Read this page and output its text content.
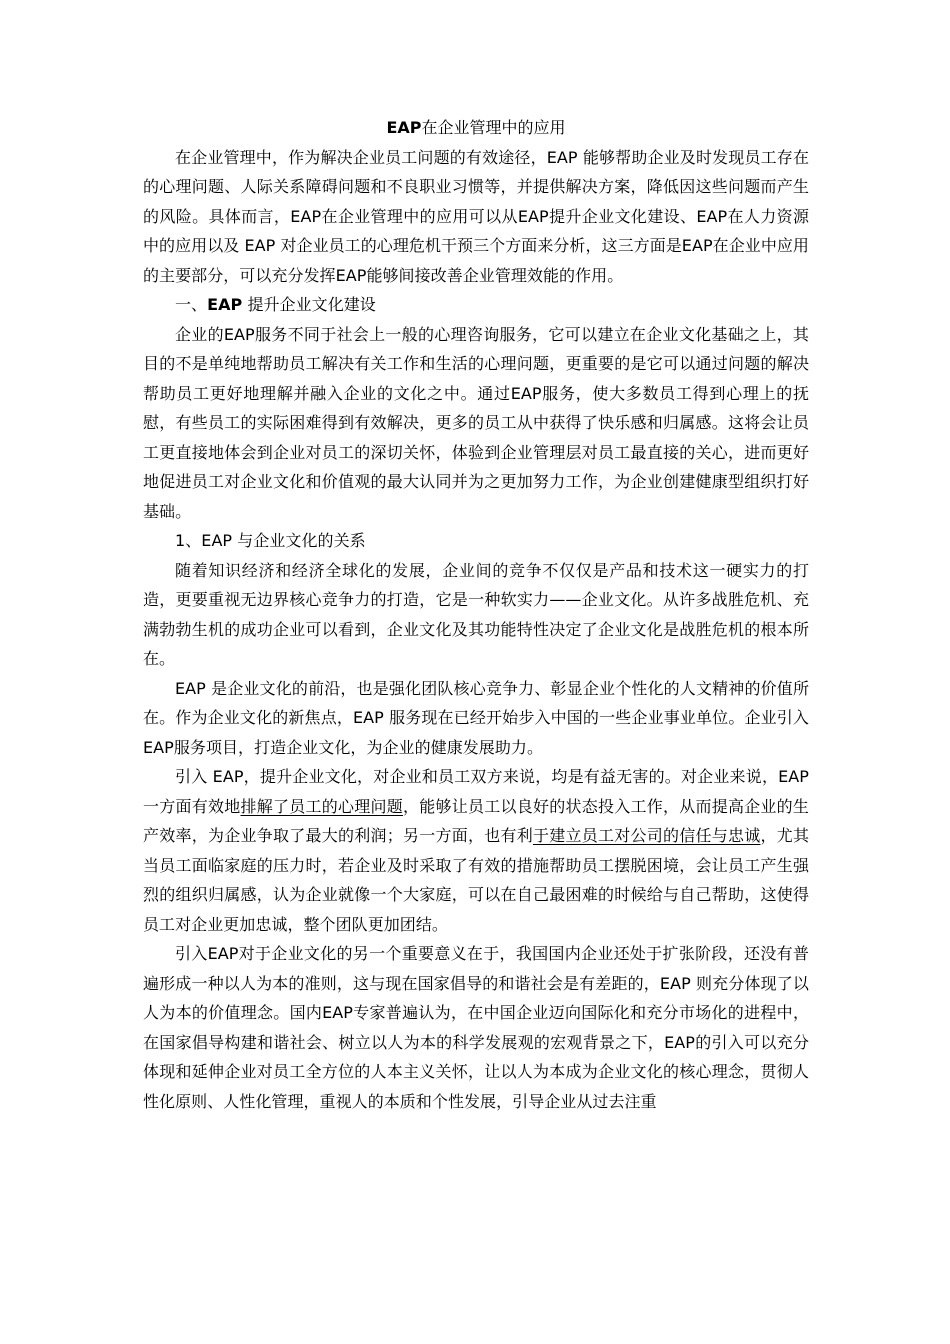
EAP在企业管理中的应用

在企业管理中，作为解决企业员工问题的有效途径，EAP 能够帮助企业及时发现员工存在的心理问题、人际关系障碍问题和不良职业习惯等，并提供解决方案，降低因这些问题而产生的风险。具体而言，EAP在企业管理中的应用可以从EAP提升企业文化建设、EAP在人力资源中的应用以及 EAP 对企业员工的心理危机干预三个方面来分析，这三方面是EAP在企业中应用的主要部分，可以充分发挥EAP能够间接改善企业管理效能的作用。

一、EAP 提升企业文化建设

企业的EAP服务不同于社会上一般的心理咨询服务，它可以建立在企业文化基础之上，其目的不是单纯地帮助员工解决有关工作和生活的心理问题，更重要的是它可以通过问题的解决帮助员工更好地理解并融入企业的文化之中。通过EAP服务，使大多数员工得到心理上的抚慰，有些员工的实际困难得到有效解决，更多的员工从中获得了快乐感和归属感。这将会让员工更直接地体会到企业对员工的深切关怀，体验到企业管理层对员工最直接的关心，进而更好地促进员工对企业文化和价值观的最大认同并为之更加努力工作，为企业创建健康型组织打好基础。

1、EAP 与企业文化的关系

随着知识经济和经济全球化的发展，企业间的竞争不仅仅是产品和技术这一硬实力的打造，更要重视无边界核心竞争力的打造，它是一种软实力——企业文化。从许多战胜危机、充满勃勃生机的成功企业可以看到，企业文化及其功能特性决定了企业文化是战胜危机的根本所在。

EAP 是企业文化的前沿，也是强化团队核心竞争力、彰显企业个性化的人文精神的价值所在。作为企业文化的新焦点，EAP 服务现在已经开始步入中国的一些企业事业单位。企业引入EAP服务项目，打造企业文化，为企业的健康发展助力。

引入 EAP，提升企业文化，对企业和员工双方来说，均是有益无害的。对企业来说，EAP 一方面有效地排解了员工的心理问题，能够让员工以良好的状态投入工作，从而提高企业的生产效率，为企业争取了最大的利润；另一方面，也有利于建立员工对公司的信任与忠诚，尤其当员工面临家庭的压力时，若企业及时采取了有效的措施帮助员工摆脱困境，会让员工产生强烈的组织归属感，认为企业就像一个大家庭，可以在自己最困难的时候给与自己帮助，这使得员工对企业更加忠诚，整个团队更加团结。

引入EAP对于企业文化的另一个重要意义在于，我国国内企业还处于扩张阶段，还没有普遍形成一种以人为本的准则，这与现在国家倡导的和谐社会是有差距的，EAP 则充分体现了以人为本的价值理念。国内EAP专家普遍认为，在中国企业迈向国际化和充分市场化的进程中，在国家倡导构建和谐社会、树立以人为本的科学发展观的宏观背景之下，EAP的引入可以充分体现和延伸企业对员工全方位的人本主义关怀，让以人为本成为企业文化的核心理念，贯彻人性化原则、人性化管理，重视人的本质和个性发展，引导企业从过去注重
